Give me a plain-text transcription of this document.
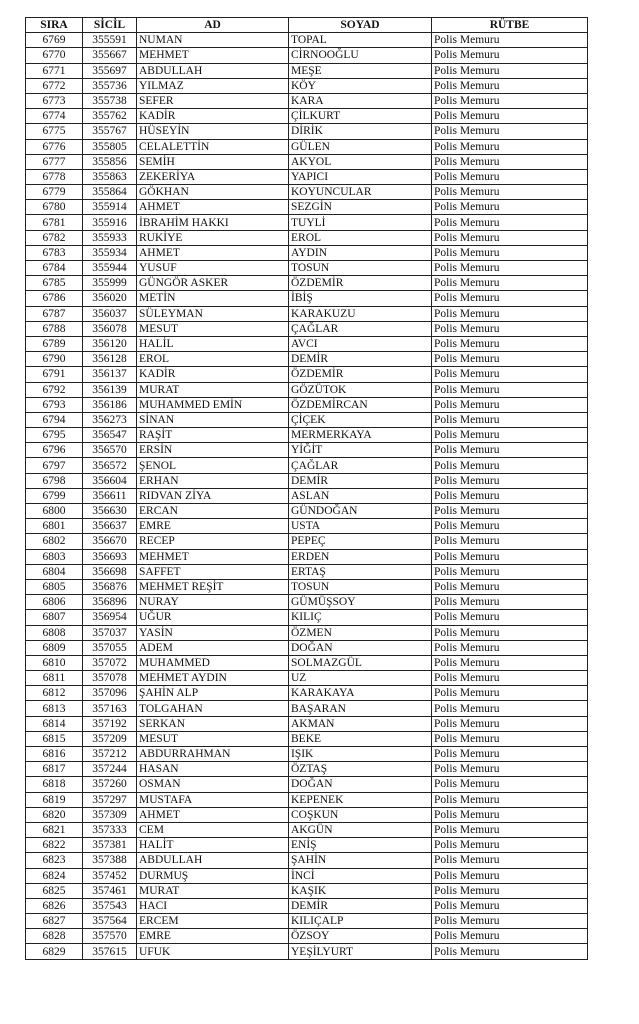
SIRA	SİCİL	AD	SOYAD	RÜTBE
6769	355591	NUMAN	TOPAL	Polis Memuru
6770	355667	MEHMET	CİRNOOĞLU	Polis Memuru
6771	355697	ABDULLAH	MEŞE	Polis Memuru
6772	355736	YILMAZ	KÖY	Polis Memuru
6773	355738	SEFER	KARA	Polis Memuru
6774	355762	KADİR	ÇİLKURT	Polis Memuru
6775	355767	HÜSEYİN	DİRİK	Polis Memuru
6776	355805	CELALETTİN	GÜLEN	Polis Memuru
6777	355856	SEMİH	AKYOL	Polis Memuru
6778	355863	ZEKERİYA	YAPICI	Polis Memuru
6779	355864	GÖKHAN	KOYUNCULAR	Polis Memuru
6780	355914	AHMET	SEZGİN	Polis Memuru
6781	355916	İBRAHİM HAKKI	TUYLİ	Polis Memuru
6782	355933	RUKİYE	EROL	Polis Memuru
6783	355934	AHMET	AYDIN	Polis Memuru
6784	355944	YUSUF	TOSUN	Polis Memuru
6785	355999	GÜNGÖR ASKER	ÖZDEMİR	Polis Memuru
6786	356020	METİN	İBİŞ	Polis Memuru
6787	356037	SÜLEYMAN	KARAKUZU	Polis Memuru
6788	356078	MESUT	ÇAĞLAR	Polis Memuru
6789	356120	HALİL	AVCI	Polis Memuru
6790	356128	EROL	DEMİR	Polis Memuru
6791	356137	KADİR	ÖZDEMİR	Polis Memuru
6792	356139	MURAT	GÖZÜTOK	Polis Memuru
6793	356186	MUHAMMED EMİN	ÖZDEMİRCAN	Polis Memuru
6794	356273	SİNAN	ÇİÇEK	Polis Memuru
6795	356547	RAŞİT	MERMERKAYA	Polis Memuru
6796	356570	ERSİN	YİĞİT	Polis Memuru
6797	356572	ŞENOL	ÇAĞLAR	Polis Memuru
6798	356604	ERHAN	DEMİR	Polis Memuru
6799	356611	RIDVAN ZİYA	ASLAN	Polis Memuru
6800	356630	ERCAN	GÜNDOĞAN	Polis Memuru
6801	356637	EMRE	USTA	Polis Memuru
6802	356670	RECEP	PEPEÇ	Polis Memuru
6803	356693	MEHMET	ERDEN	Polis Memuru
6804	356698	SAFFET	ERTAŞ	Polis Memuru
6805	356876	MEHMET REŞİT	TOSUN	Polis Memuru
6806	356896	NURAY	GÜMÜŞSOY	Polis Memuru
6807	356954	UĞUR	KILIÇ	Polis Memuru
6808	357037	YASİN	ÖZMEN	Polis Memuru
6809	357055	ADEM	DOĞAN	Polis Memuru
6810	357072	MUHAMMED	SOLMAZGÜL	Polis Memuru
6811	357078	MEHMET AYDIN	UZ	Polis Memuru
6812	357096	ŞAHİN ALP	KARAKAYA	Polis Memuru
6813	357163	TOLGAHAN	BAŞARAN	Polis Memuru
6814	357192	SERKAN	AKMAN	Polis Memuru
6815	357209	MESUT	BEKE	Polis Memuru
6816	357212	ABDURRAHMAN	IŞIK	Polis Memuru
6817	357244	HASAN	ÖZTAŞ	Polis Memuru
6818	357260	OSMAN	DOĞAN	Polis Memuru
6819	357297	MUSTAFA	KEPENEK	Polis Memuru
6820	357309	AHMET	COŞKUN	Polis Memuru
6821	357333	CEM	AKGÜN	Polis Memuru
6822	357381	HALİT	ENİŞ	Polis Memuru
6823	357388	ABDULLAH	ŞAHİN	Polis Memuru
6824	357452	DURMUŞ	İNCİ	Polis Memuru
6825	357461	MURAT	KAŞIK	Polis Memuru
6826	357543	HACI	DEMİR	Polis Memuru
6827	357564	ERCEM	KILIÇALP	Polis Memuru
6828	357570	EMRE	ÖZSOY	Polis Memuru
6829	357615	UFUK	YEŞİLYURT	Polis Memuru
